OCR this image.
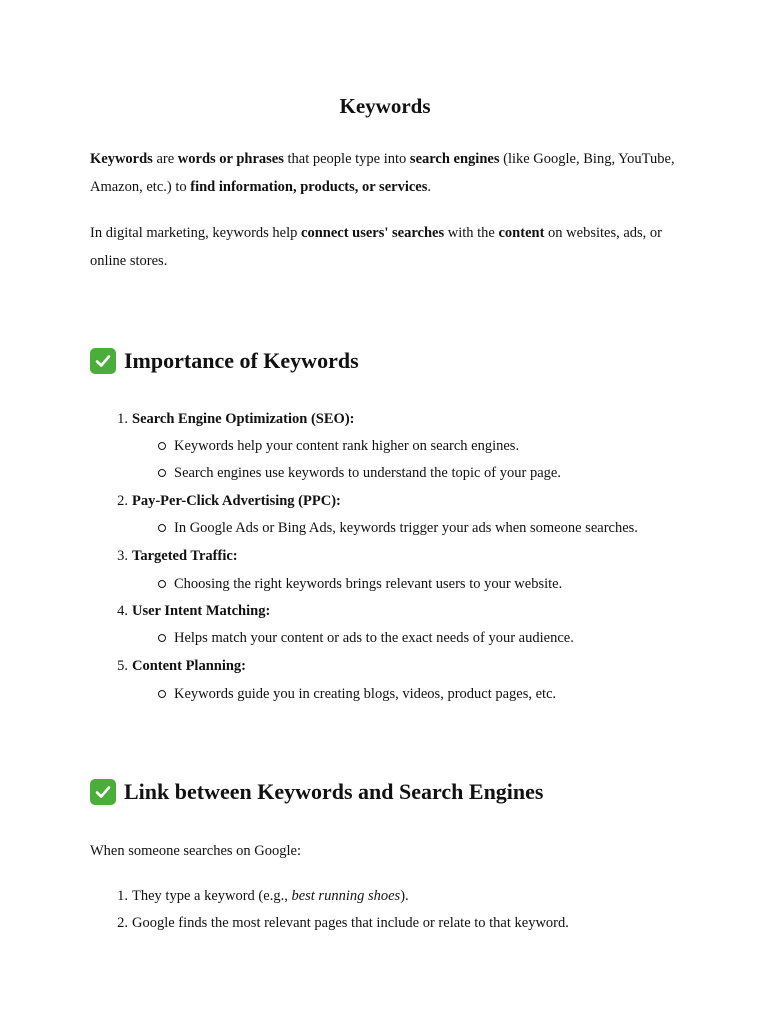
Keywords

Keywords are words or phrases that people type into search engines (like Google, Bing, YouTube, Amazon, etc.) to find information, products, or services.

In digital marketing, keywords help connect users' searches with the content on websites, ads, or online stores.

Importance of Keywords
1. Search Engine Optimization (SEO):
Keywords help your content rank higher on search engines.
Search engines use keywords to understand the topic of your page.
2. Pay-Per-Click Advertising (PPC):
In Google Ads or Bing Ads, keywords trigger your ads when someone searches.
3. Targeted Traffic:
Choosing the right keywords brings relevant users to your website.
4. User Intent Matching:
Helps match your content or ads to the exact needs of your audience.
5. Content Planning:
Keywords guide you in creating blogs, videos, product pages, etc.
Link between Keywords and Search Engines
When someone searches on Google:
1. They type a keyword (e.g., best running shoes).
2. Google finds the most relevant pages that include or relate to that keyword.
